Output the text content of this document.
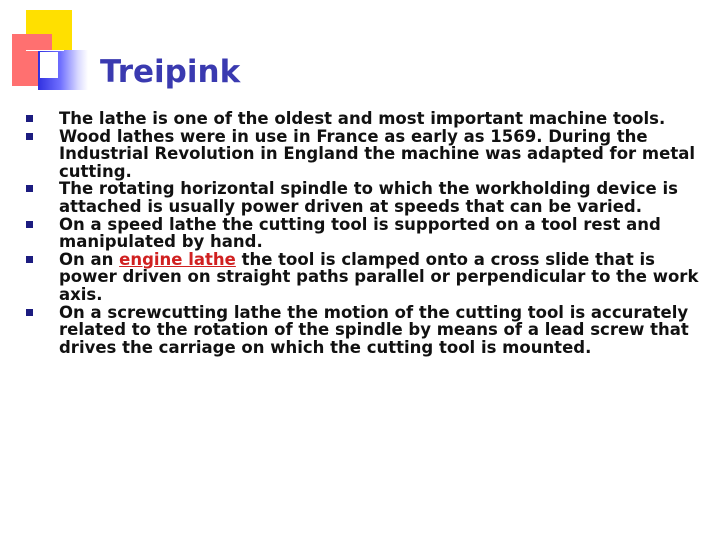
Treipink
The lathe is one of the oldest and most important machine tools.
Wood lathes were in use in France as early as 1569. During the Industrial Revolution in England the machine was adapted for metal cutting.
The rotating horizontal spindle to which the workholding device is attached is usually power driven at speeds that can be varied.
On a speed lathe the cutting tool is supported on a tool rest and manipulated by hand.
On an engine lathe the tool is clamped onto a cross slide that is power driven on straight paths parallel or perpendicular to the work axis.
On a screwcutting lathe the motion of the cutting tool is accurately related to the rotation of the spindle by means of a lead screw that drives the carriage on which the cutting tool is mounted.
